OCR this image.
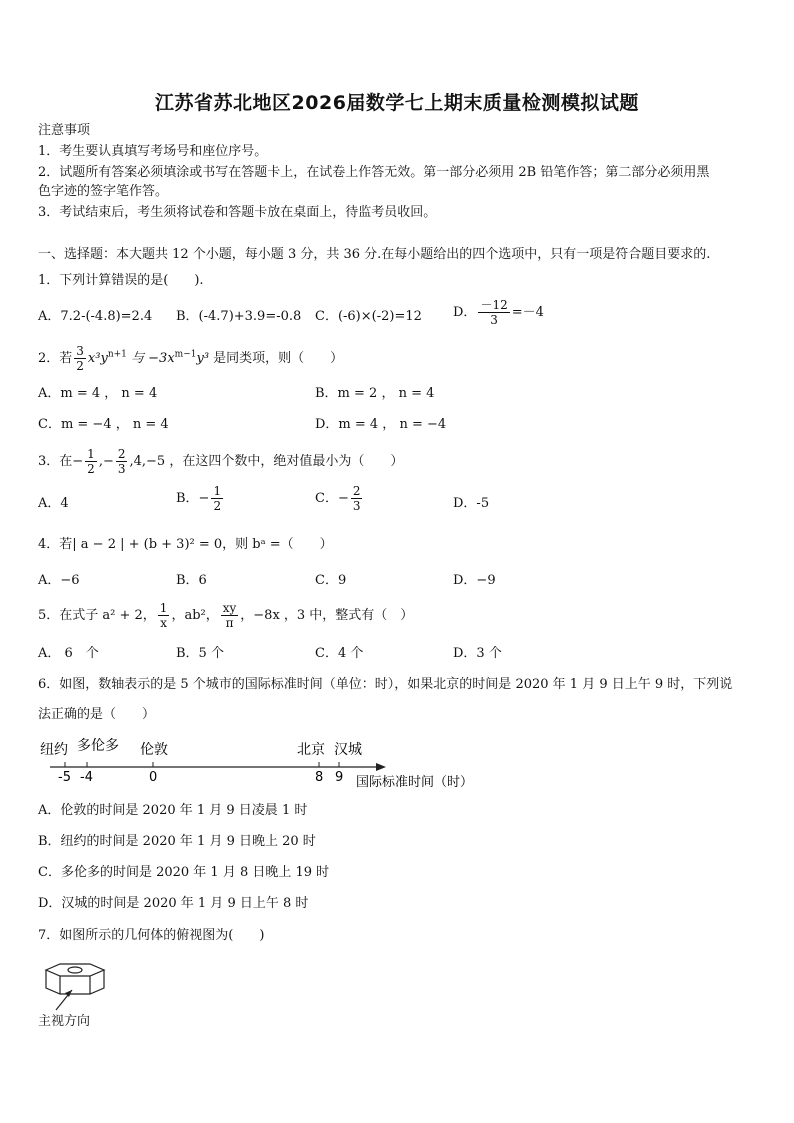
江苏省苏北地区2026届数学七上期末质量检测模拟试题
注意事项
1．考生要认真填写考场号和座位序号。
2．试题所有答案必须填涂或书写在答题卡上，在试卷上作答无效。第一部分必须用 2B 铅笔作答；第二部分必须用黑
色字迹的签字笔作答。
3．考试结束后，考生须将试卷和答题卡放在桌面上，待监考员收回。
一、选择题：本大题共 12 个小题，每小题 3 分，共 36 分.在每小题给出的四个选项中，只有一项是符合题目要求的.
1．下列计算错误的是(　　).
A．7.2-(-4.8)=2.4 B．(-4.7)+3.9=-0.8 C．(-6)×(-2)=12 D． $\frac{-12}{3} =-4$
2．若 $\frac{3}{2} x^3y^{n+1}$ 与 $-3x^{m-1}y^3$ 是同类项，则（　　）
A．m = 4 ， n = 4	B．m = 2 ， n = 4
C．m = −4 ， n = 4	D．m = 4 ， n = −4
3．在− $\frac{1}{2}$ ,− $\frac{2}{3} ,4,-5$ ，在这四个数中，绝对值最小为（　　）
A．4	B．− $\frac{1}{2}$	C．− $\frac{2}{3}$	D．-5
4．若| a − 2 | + (b + 3)² = 0，则 bᵃ =（　　）
A．−6	B．6	C．9	D．−9
5．在式子 a² + 2， $\frac{1}{x}$ ，ab²， $\frac{xy}{\pi}$ ，−8x ，3 中，整式有（　）
A． 6　个	B．5 个	C．4 个	D．3 个
6．如图，数轴表示的是 5 个城市的国际标准时间（单位：时），如果北京的时间是 2020 年 1 月 9 日上午 9 时，下列说
法正确的是（　　）
纽约 多伦多 伦敦	北京 汉城
-5 -4	0	8 9 国际标准时间（时）
A．伦敦的时间是 2020 年 1 月 9 日凌晨 1 时
B．纽约的时间是 2020 年 1 月 9 日晚上 20 时
C．多伦多的时间是 2020 年 1 月 8 日晚上 19 时
D．汉城的时间是 2020 年 1 月 9 日上午 8 时
7．如图所示的几何体的俯视图为(　　)
主视方向
